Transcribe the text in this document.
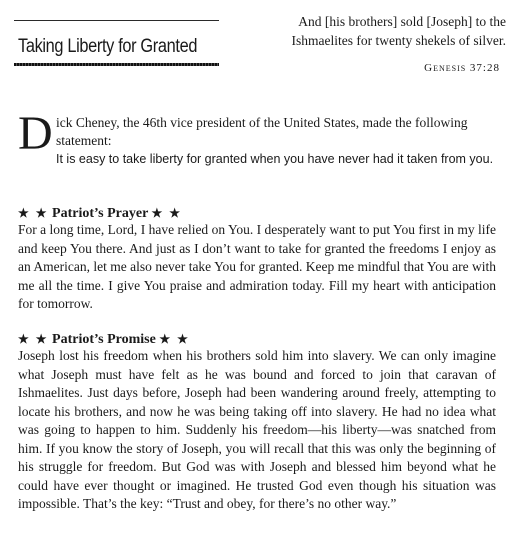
Taking Liberty for Granted
And [his brothers] sold [Joseph] to the Ishmaelites for twenty shekels of silver.
Genesis 37:28
D ick Cheney, the 46th vice president of the United States, made the following statement:
It is easy to take liberty for granted when you have never had it taken from you.
★ ★ Patriot’s Prayer ★ ★
For a long time, Lord, I have relied on You. I desperately want to put You first in my life and keep You there. And just as I don’t want to take for granted the freedoms I enjoy as an American, let me also never take You for granted. Keep me mindful that You are with me all the time. I give You praise and admiration today. Fill my heart with anticipation for tomorrow.
★ ★ Patriot’s Promise ★ ★
Joseph lost his freedom when his brothers sold him into slavery. We can only imagine what Joseph must have felt as he was bound and forced to join that caravan of Ishmaelites. Just days before, Joseph had been wandering around freely, attempting to locate his brothers, and now he was being taking off into slavery. He had no idea what was going to happen to him. Suddenly his freedom—his liberty—was snatched from him. If you know the story of Joseph, you will recall that this was only the beginning of his struggle for freedom. But God was with Joseph and blessed him beyond what he could have ever thought or imagined. He trusted God even though his situation was impossible. That’s the key: “Trust and obey, for there’s no other way.”
